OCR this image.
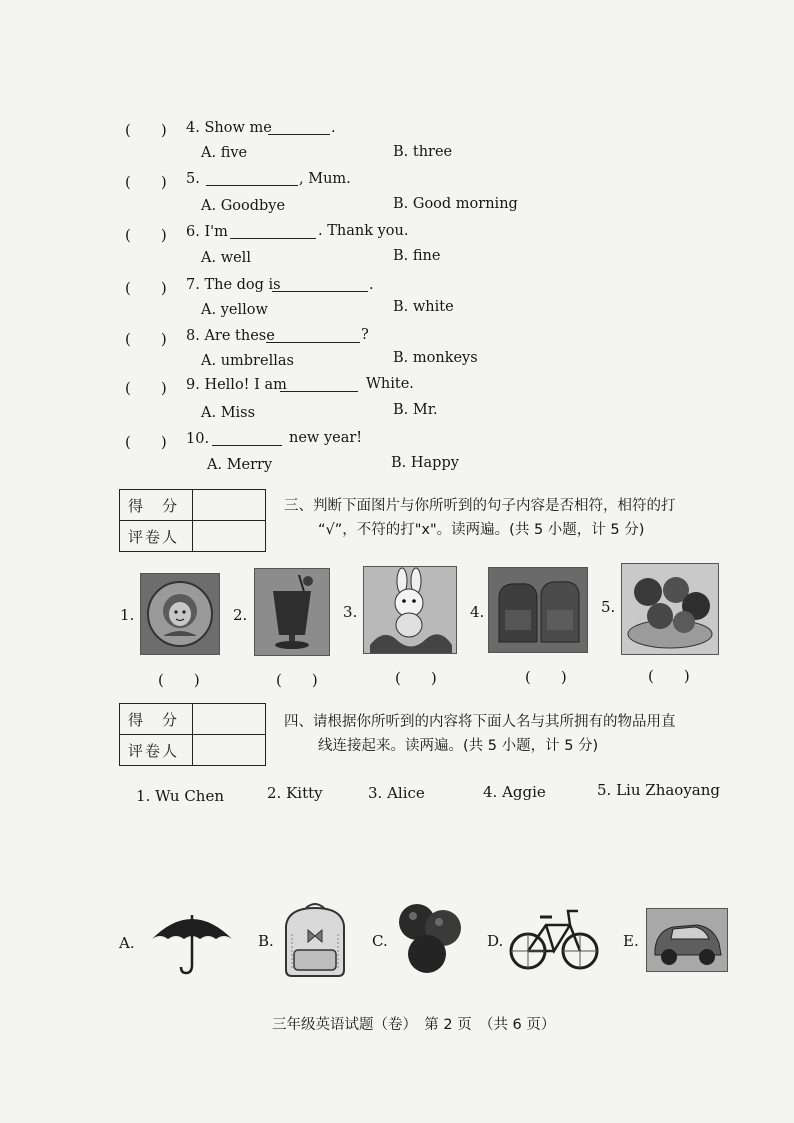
(　　) 4. Show me	.
A. five	B. three
(　　) 5.	, Mum.
A. Goodbye	B. Good morning
(　　) 6. I'm	. Thank you.
A. well	B. fine
(　　) 7. The dog is	.
A. yellow	B. white
(　　) 8. Are these	?
A. umbrellas	B. monkeys
(　　) 9. Hello! I am	White.
A. Miss	B. Mr.
(　　) 10.	new year!
A. Merry	B. Happy
得　分	
评卷人	
三、判断下面图片与你所听到的句子内容是否相符，相符的打
“√”，不符的打"x"。读两遍。(共 5 小题，计 5 分)
1.	2.	3.	4.	5.
(　　)	(　　)	(　　)	(　　)	(　　)
得　分	
评卷人	
四、请根据你所听到的内容将下面人名与其所拥有的物品用直
线连接起来。读两遍。(共 5 小题，计 5 分)
1. Wu Chen	2. Kitty	3. Alice	4. Aggie	5. Liu Zhaoyang
A.	B.	C.	D.	E.
三年级英语试题（卷）　第 2 页　（共 6 页）
